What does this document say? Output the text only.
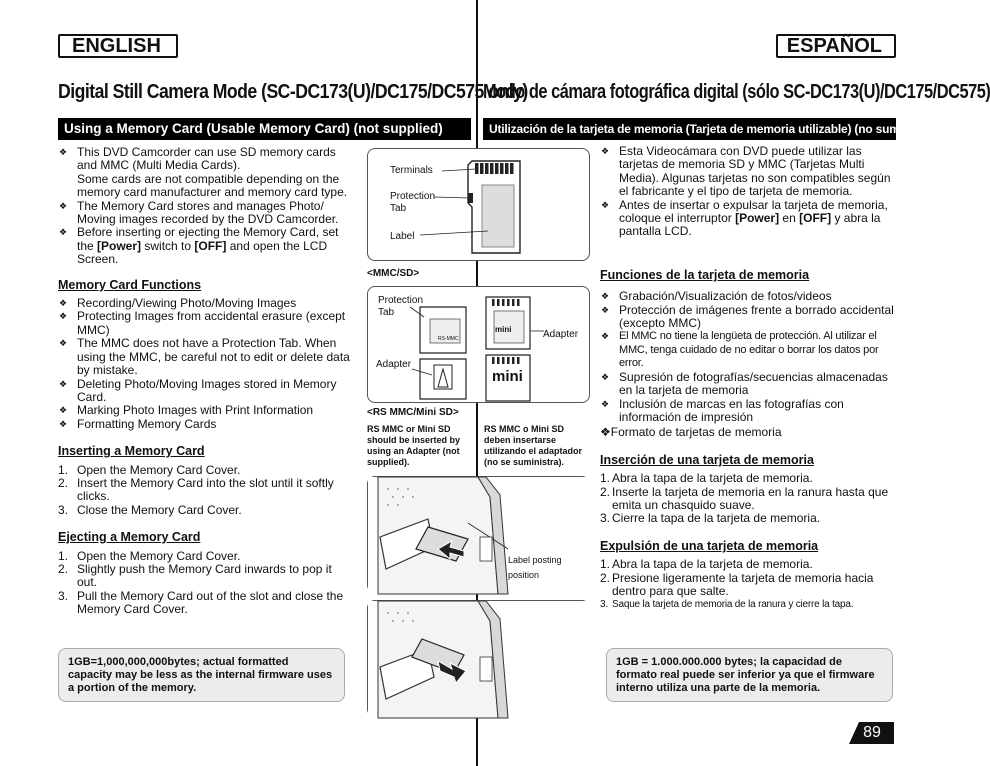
ENGLISH	ESPAÑOL
Digital Still Camera Mode (SC-DC173(U)/DC175/DC575 only)
Modo de cámara fotográfica digital (sólo SC-DC173(U)/DC175/DC575)
Using a Memory Card (Usable Memory Card) (not supplied)	Utilización de la tarjeta de memoria (Tarjeta de memoria utilizable) (no suministrada)
❖ This DVD Camcorder can use SD memory cards and MMC (Multi Media Cards).
Some cards are not compatible depending on the memory card manufacturer and memory card type.
❖ The Memory Card stores and manages Photo/ Moving images recorded by the DVD Camcorder.
❖ Before inserting or ejecting the Memory Card, set the [Power] switch to [OFF] and open the LCD Screen.
Memory Card Functions
❖ Recording/Viewing Photo/Moving Images
❖ Protecting Images from accidental erasure (except MMC)
❖ The MMC does not have a Protection Tab. When using the MMC, be careful not to edit or delete data by mistake.
❖ Deleting Photo/Moving Images stored in Memory Card.
❖ Marking Photo Images with Print Information
❖ Formatting Memory Cards
Inserting a Memory Card
1. Open the Memory Card Cover.
2. Insert the Memory Card into the slot until it softly clicks.
3. Close the Memory Card Cover.
Ejecting a Memory Card
1. Open the Memory Card Cover.
2. Slightly push the Memory Card inwards to pop it out.
3. Pull the Memory Card out of the slot and close the Memory Card Cover.
1GB=1,000,000,000bytes; actual formatted capacity may be less as the internal firmware uses a portion of the memory.
❖ Esta Videocámara con DVD puede utilizar las tarjetas de memoria SD y MMC (Tarjetas Multi Media). Algunas tarjetas no son compatibles según el fabricante y el tipo de tarjeta de memoria.
❖ Antes de insertar o expulsar la tarjeta de memoria, coloque el interruptor [Power] en [OFF] y abra la pantalla LCD.
Funciones de la tarjeta de memoria
❖ Grabación/Visualización de fotos/videos
❖ Protección de imágenes frente a borrado accidental (excepto MMC)
❖ El MMC no tiene la lengüeta de protección. Al utilizar el MMC, tenga cuidado de no editar o borrar los datos por error.
❖ Supresión de fotografías/secuencias almacenadas en la tarjeta de memoria
❖ Inclusión de marcas en las fotografías con información de impresión
❖Formato de tarjetas de memoria
Inserción de una tarjeta de memoria
1. Abra la tapa de la tarjeta de memoria.
2. Inserte la tarjeta de memoria en la ranura hasta que emita un chasquido suave.
3. Cierre la tapa de la tarjeta de memoria.
Expulsión de una tarjeta de memoria
1. Abra la tapa de la tarjeta de memoria.
2. Presione ligeramente la tarjeta de memoria hacia dentro para que salte.
3. Saque la tarjeta de memoria de la ranura y cierre la tapa.
1GB = 1.000.000.000 bytes; la capacidad de formato real puede ser inferior ya que el firmware interno utiliza una parte de la memoria.
Terminals
Protection Tab
Label
<MMC/SD>
Protection Tab
Adapter
Adapter
RS-MMC
mini
mini
<RS MMC/Mini SD>
RS MMC or Mini SD should be inserted by using an Adapter (not supplied).
RS MMC o Mini SD deben insertarse utilizando el adaptador (no se suministra).
Label posting position
89
